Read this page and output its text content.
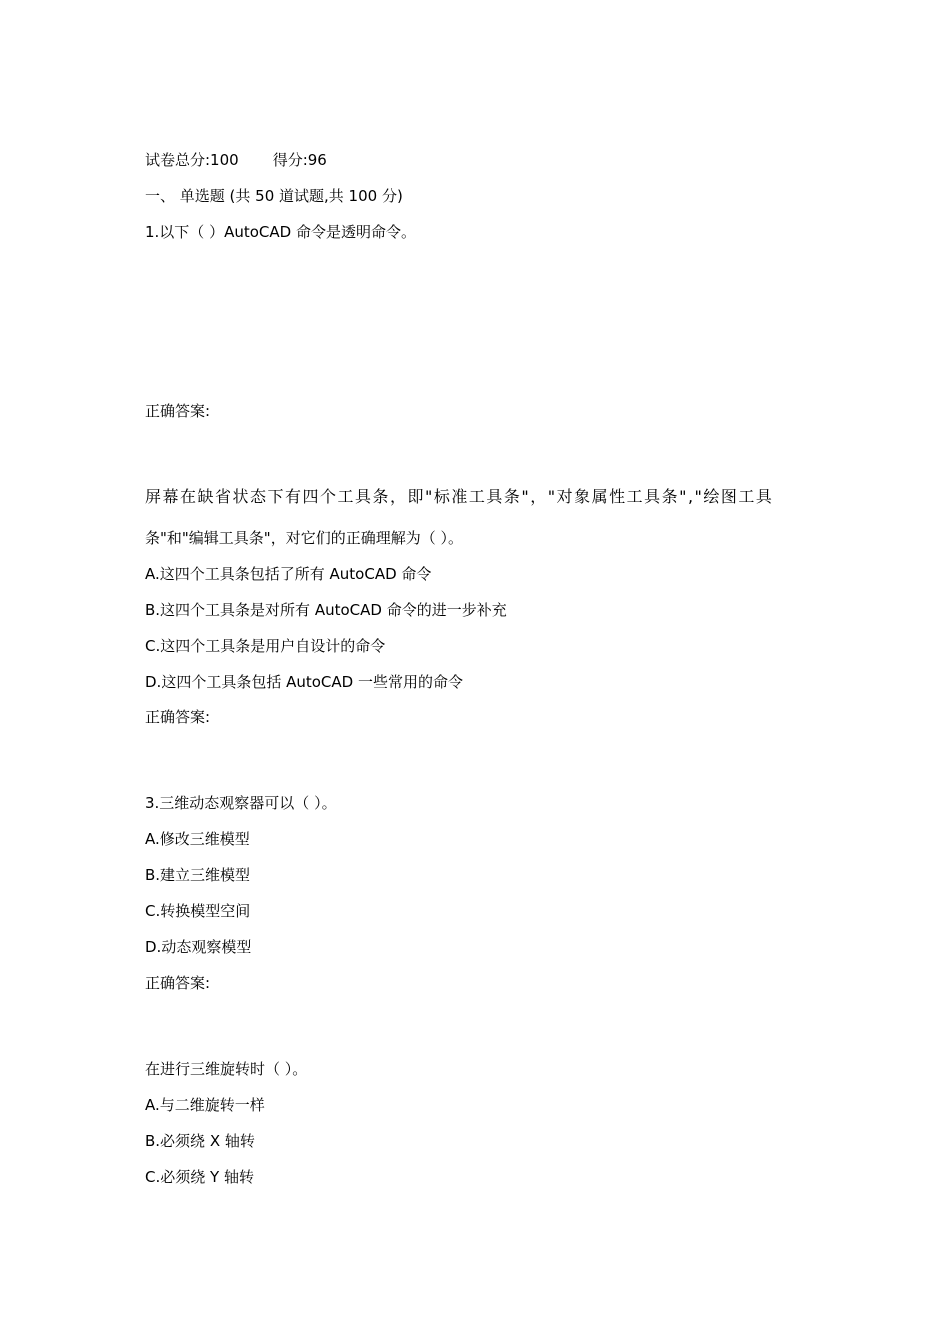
试卷总分:100 得分:96
一、 单选题 (共 50 道试题,共 100 分)
1.以下（ ）AutoCAD 命令是透明命令。
正确答案:
屏幕在缺省状态下有四个工具条，即"标准工具条"，"对象属性工具条","绘图工具
条"和"编辑工具条"，对它们的正确理解为（ ）。
A.这四个工具条包括了所有 AutoCAD 命令
B.这四个工具条是对所有 AutoCAD 命令的进一步补充
C.这四个工具条是用户自设计的命令
D.这四个工具条包括 AutoCAD 一些常用的命令
正确答案:
3.三维动态观察器可以（ ）。
A.修改三维模型
B.建立三维模型
C.转换模型空间
D.动态观察模型
正确答案:
在进行三维旋转时（ ）。
A.与二维旋转一样
B.必须绕 X 轴转
C.必须绕 Y 轴转
